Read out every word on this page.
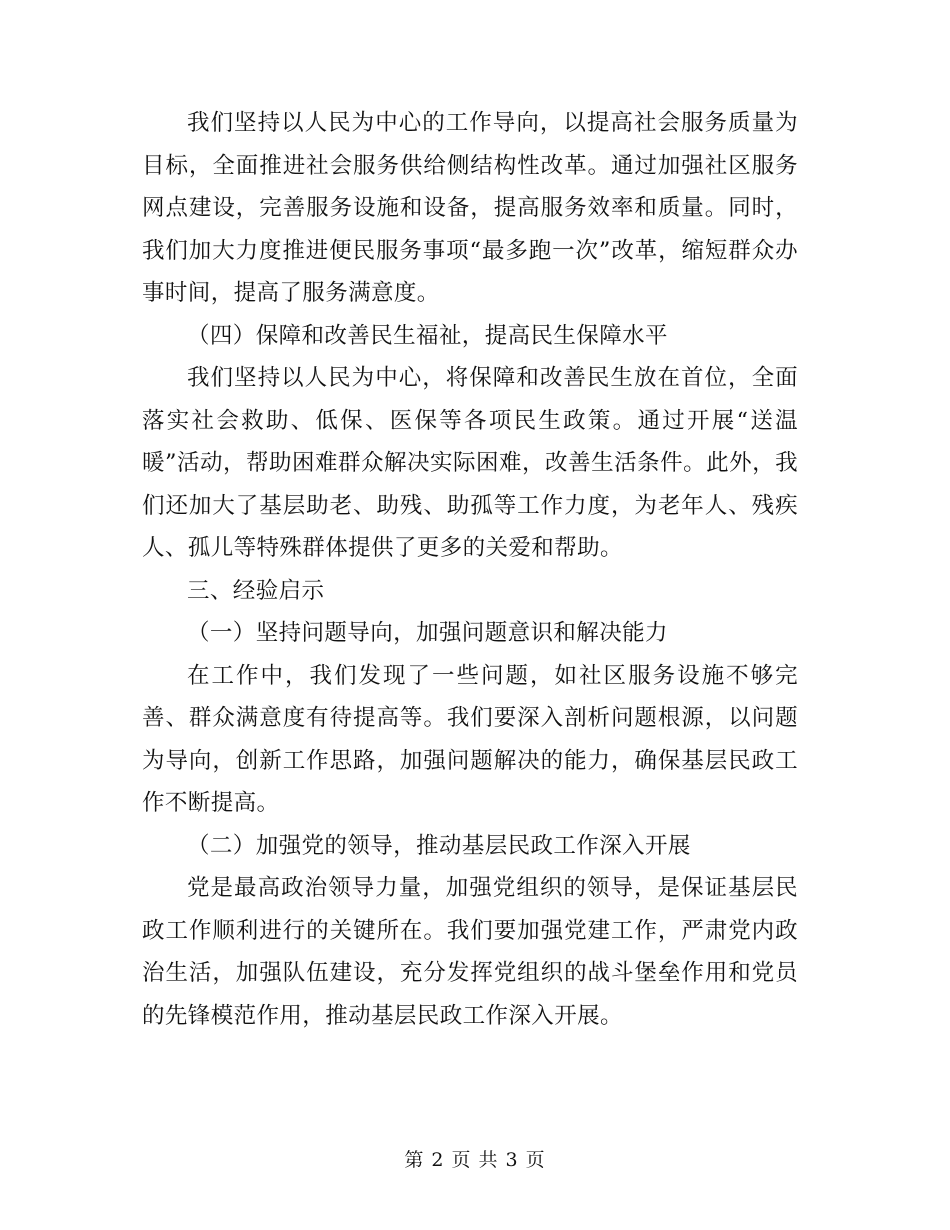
我们坚持以人民为中心的工作导向，以提高社会服务质量为目标，全面推进社会服务供给侧结构性改革。通过加强社区服务网点建设，完善服务设施和设备，提高服务效率和质量。同时，我们加大力度推进便民服务事项“最多跑一次”改革，缩短群众办事时间，提高了服务满意度。

（四）保障和改善民生福祉，提高民生保障水平

我们坚持以人民为中心，将保障和改善民生放在首位，全面落实社会救助、低保、医保等各项民生政策。通过开展“送温暖”活动，帮助困难群众解决实际困难，改善生活条件。此外，我们还加大了基层助老、助残、助孤等工作力度，为老年人、残疾人、孤儿等特殊群体提供了更多的关爱和帮助。

三、经验启示

（一）坚持问题导向，加强问题意识和解决能力

在工作中，我们发现了一些问题，如社区服务设施不够完善、群众满意度有待提高等。我们要深入剖析问题根源，以问题为导向，创新工作思路，加强问题解决的能力，确保基层民政工作不断提高。

（二）加强党的领导，推动基层民政工作深入开展

党是最高政治领导力量，加强党组织的领导，是保证基层民政工作顺利进行的关键所在。我们要加强党建工作，严肃党内政治生活，加强队伍建设，充分发挥党组织的战斗堡垒作用和党员的先锋模范作用，推动基层民政工作深入开展。

第 2 页 共 3 页
